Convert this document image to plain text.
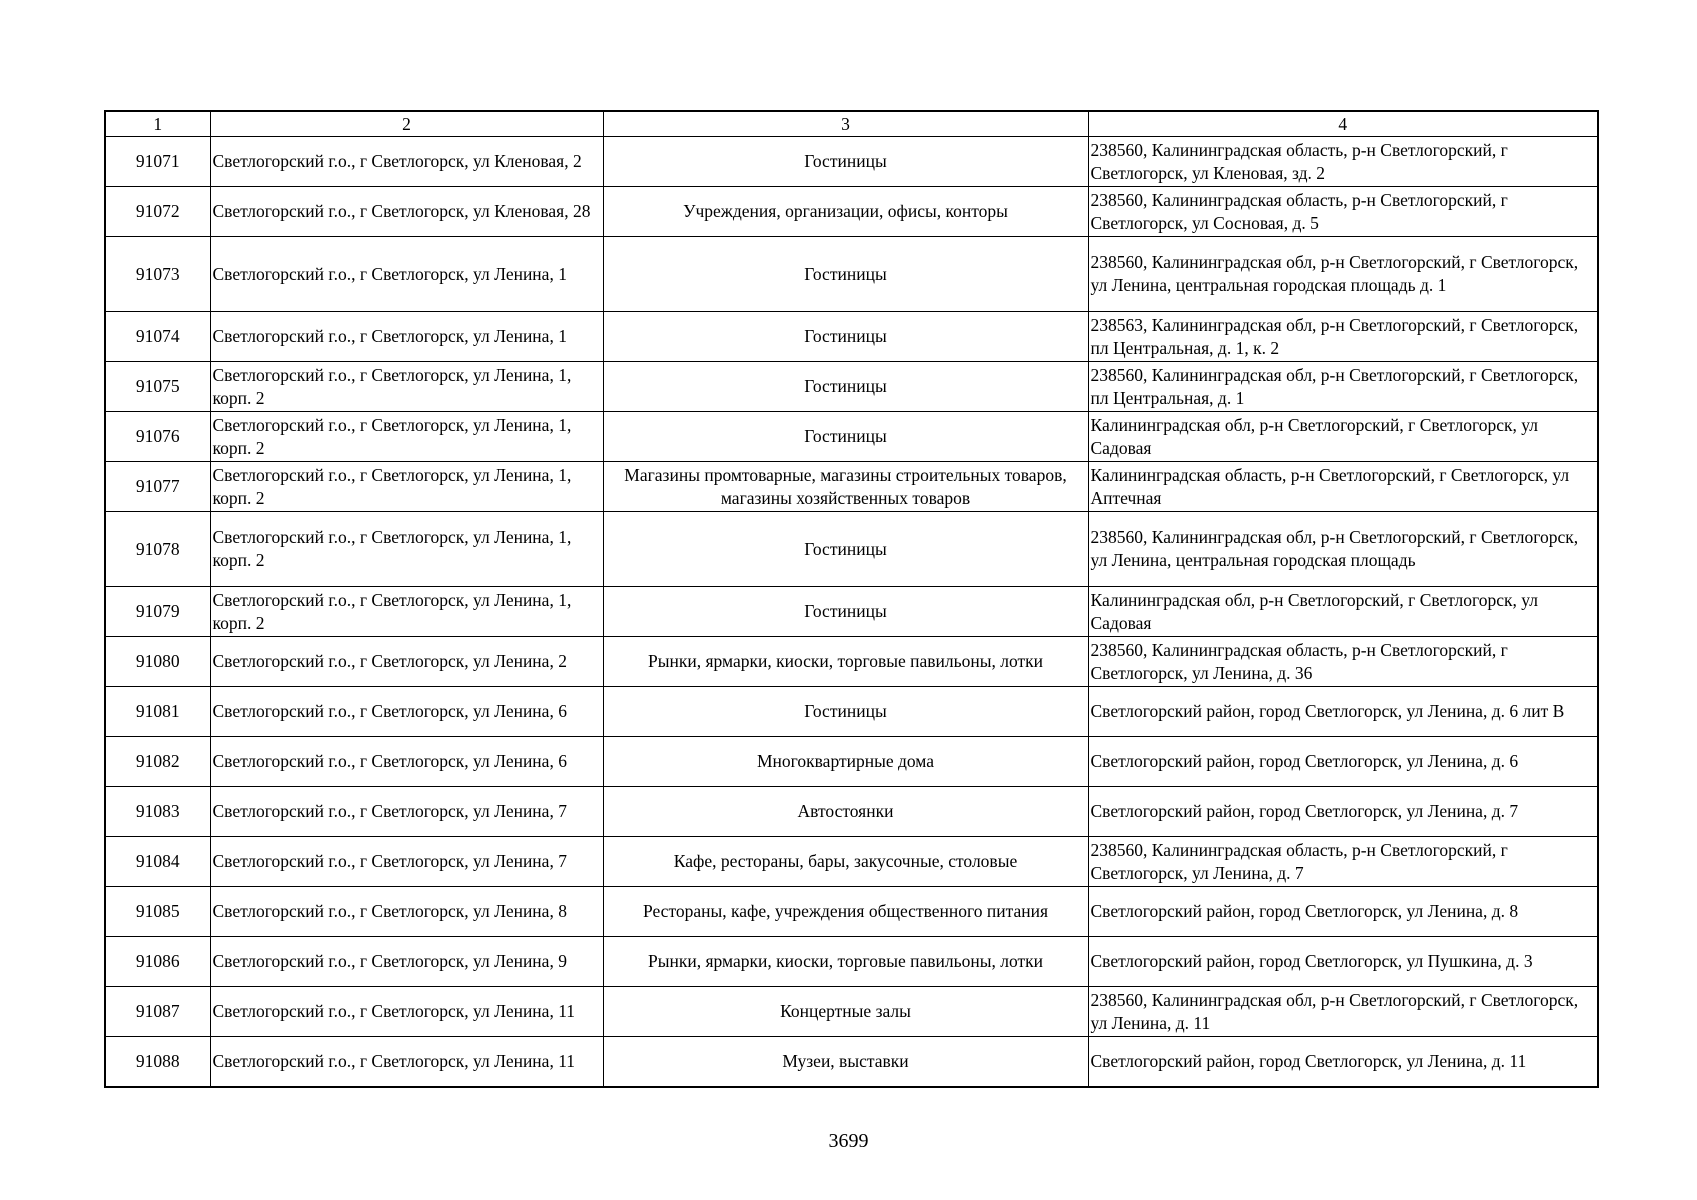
1	2	3	4
91071	Светлогорский г.о., г Светлогорск, ул Кленовая, 2	Гостиницы	238560, Калининградская область, р-н Светлогорский, г Светлогорск, ул Кленовая, зд. 2
91072	Светлогорский г.о., г Светлогорск, ул Кленовая, 28	Учреждения, организации, офисы, конторы	238560, Калининградская область, р-н Светлогорский, г Светлогорск, ул Сосновая, д. 5
91073	Светлогорский г.о., г Светлогорск, ул Ленина, 1	Гостиницы	238560, Калининградская обл, р-н Светлогорский, г Светлогорск, ул Ленина, центральная городская площадь д. 1
91074	Светлогорский г.о., г Светлогорск, ул Ленина, 1	Гостиницы	238563, Калининградская обл, р-н Светлогорский, г Светлогорск, пл Центральная, д. 1, к. 2
91075	Светлогорский г.о., г Светлогорск, ул Ленина, 1, корп. 2	Гостиницы	238560, Калининградская обл, р-н Светлогорский, г Светлогорск, пл Центральная, д. 1
91076	Светлогорский г.о., г Светлогорск, ул Ленина, 1, корп. 2	Гостиницы	Калининградская обл, р-н Светлогорский, г Светлогорск, ул Садовая
91077	Светлогорский г.о., г Светлогорск, ул Ленина, 1, корп. 2	Магазины промтоварные, магазины строительных товаров, магазины хозяйственных товаров	Калининградская область, р-н Светлогорский, г Светлогорск, ул Аптечная
91078	Светлогорский г.о., г Светлогорск, ул Ленина, 1, корп. 2	Гостиницы	238560, Калининградская обл, р-н Светлогорский, г Светлогорск, ул Ленина, центральная городская площадь
91079	Светлогорский г.о., г Светлогорск, ул Ленина, 1, корп. 2	Гостиницы	Калининградская обл, р-н Светлогорский, г Светлогорск, ул Садовая
91080	Светлогорский г.о., г Светлогорск, ул Ленина, 2	Рынки, ярмарки, киоски, торговые павильоны, лотки	238560, Калининградская область, р-н Светлогорский, г Светлогорск, ул Ленина, д. 36
91081	Светлогорский г.о., г Светлогорск, ул Ленина, 6	Гостиницы	Светлогорский район, город Светлогорск, ул Ленина, д. 6 лит В
91082	Светлогорский г.о., г Светлогорск, ул Ленина, 6	Многоквартирные дома	Светлогорский район, город Светлогорск, ул Ленина, д. 6
91083	Светлогорский г.о., г Светлогорск, ул Ленина, 7	Автостоянки	Светлогорский район, город Светлогорск, ул Ленина, д. 7
91084	Светлогорский г.о., г Светлогорск, ул Ленина, 7	Кафе, рестораны, бары, закусочные, столовые	238560, Калининградская область, р-н Светлогорский, г Светлогорск, ул Ленина, д. 7
91085	Светлогорский г.о., г Светлогорск, ул Ленина, 8	Рестораны, кафе, учреждения общественного питания	Светлогорский район, город Светлогорск, ул Ленина, д. 8
91086	Светлогорский г.о., г Светлогорск, ул Ленина, 9	Рынки, ярмарки, киоски, торговые павильоны, лотки	Светлогорский район, город Светлогорск, ул Пушкина, д. 3
91087	Светлогорский г.о., г Светлогорск, ул Ленина, 11	Концертные залы	238560, Калининградская обл, р-н Светлогорский, г Светлогорск, ул Ленина, д. 11
91088	Светлогорский г.о., г Светлогорск, ул Ленина, 11	Музеи, выставки	Светлогорский район, город Светлогорск, ул Ленина, д. 11
3699
